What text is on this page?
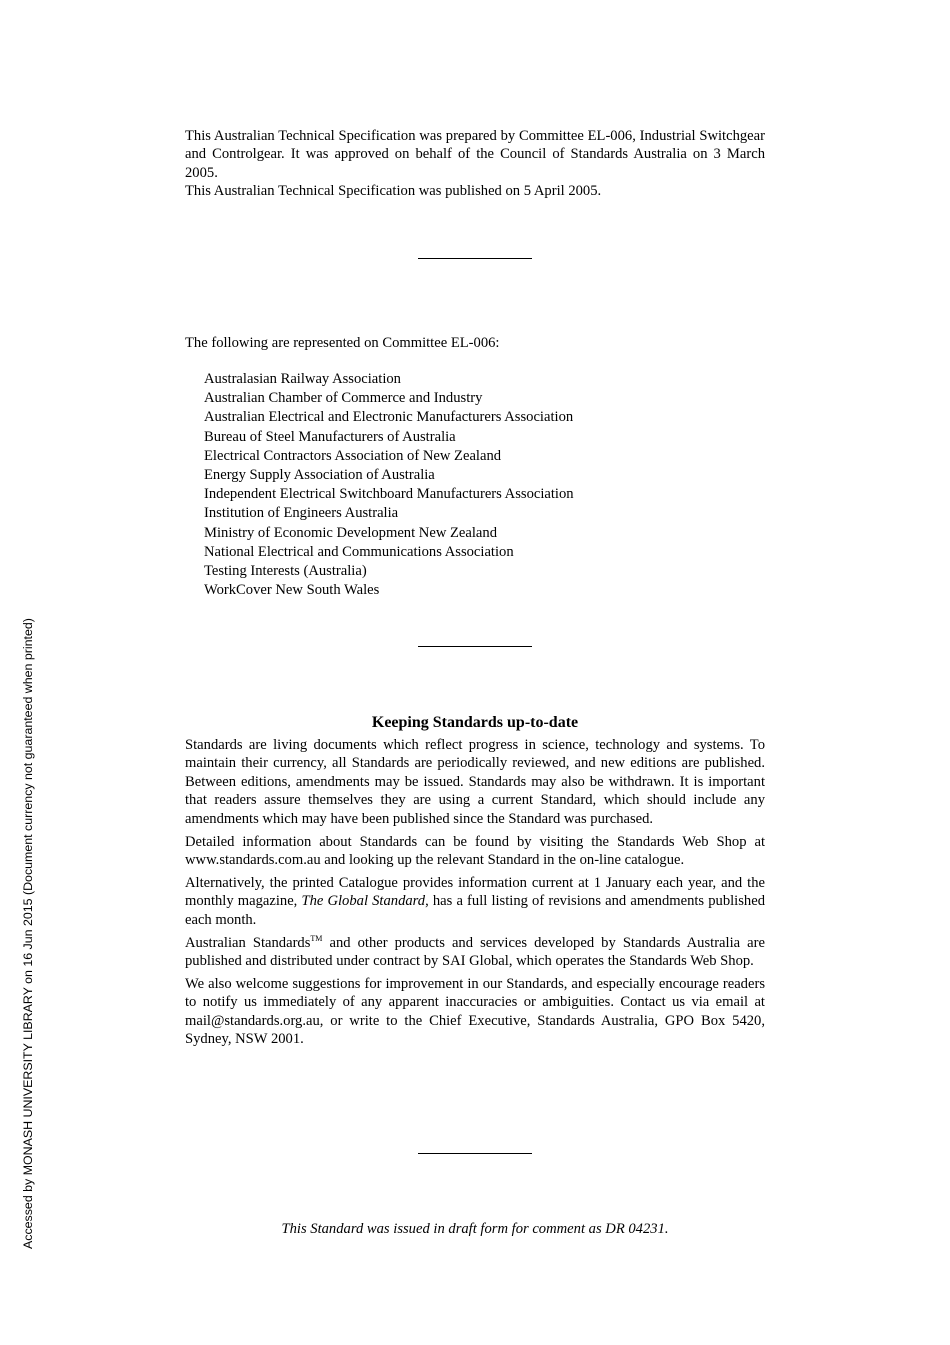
This Australian Technical Specification was prepared by Committee EL-006, Industrial Switchgear and Controlgear. It was approved on behalf of the Council of Standards Australia on 3 March 2005.

This Australian Technical Specification was published on 5 April 2005.

The following are represented on Committee EL-006:

Australasian Railway Association
Australian Chamber of Commerce and Industry
Australian Electrical and Electronic Manufacturers Association
Bureau of Steel Manufacturers of Australia
Electrical Contractors Association of New Zealand
Energy Supply Association of Australia
Independent Electrical Switchboard Manufacturers Association
Institution of Engineers Australia
Ministry of Economic Development New Zealand
National Electrical and Communications Association
Testing Interests (Australia)
WorkCover New South Wales
Keeping Standards up-to-date

Standards are living documents which reflect progress in science, technology and systems. To maintain their currency, all Standards are periodically reviewed, and new editions are published. Between editions, amendments may be issued. Standards may also be withdrawn. It is important that readers assure themselves they are using a current Standard, which should include any amendments which may have been published since the Standard was purchased.

Detailed information about Standards can be found by visiting the Standards Web Shop at www.standards.com.au and looking up the relevant Standard in the on-line catalogue.

Alternatively, the printed Catalogue provides information current at 1 January each year, and the monthly magazine, The Global Standard, has a full listing of revisions and amendments published each month.

Australian Standards™ and other products and services developed by Standards Australia are published and distributed under contract by SAI Global, which operates the Standards Web Shop.

We also welcome suggestions for improvement in our Standards, and especially encourage readers to notify us immediately of any apparent inaccuracies or ambiguities. Contact us via email at mail@standards.org.au, or write to the Chief Executive, Standards Australia, GPO Box 5420, Sydney, NSW 2001.

This Standard was issued in draft form for comment as DR 04231.

Accessed by MONASH UNIVERSITY LIBRARY on 16 Jun 2015 (Document currency not guaranteed when printed)
